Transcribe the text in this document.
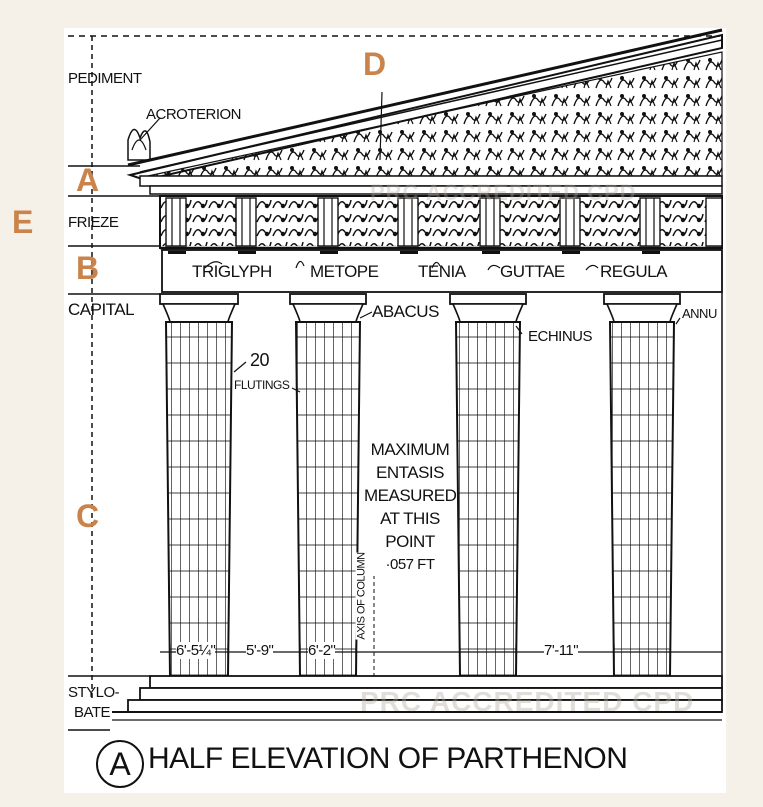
PRC ACCREDITED CPD
PRC ACCREDITED CPD
PEDIMENT
ACROTERION
FRIEZE
CAPITAL
STYLO-
BATE
TRIGLYPH METOPE TENIA GUTTAE REGULA
ABACUS
ECHINUS
ANNU
20
FLUTINGS
MAXIMUM
ENTASIS
MEASURED
AT THIS
POINT
·057 FT
AXIS OF COLUMN
6'-5¼" 5'-9" 6'-2"	7'-11"
D
A
E
B
C
A HALF ELEVATION OF PARTHENON
